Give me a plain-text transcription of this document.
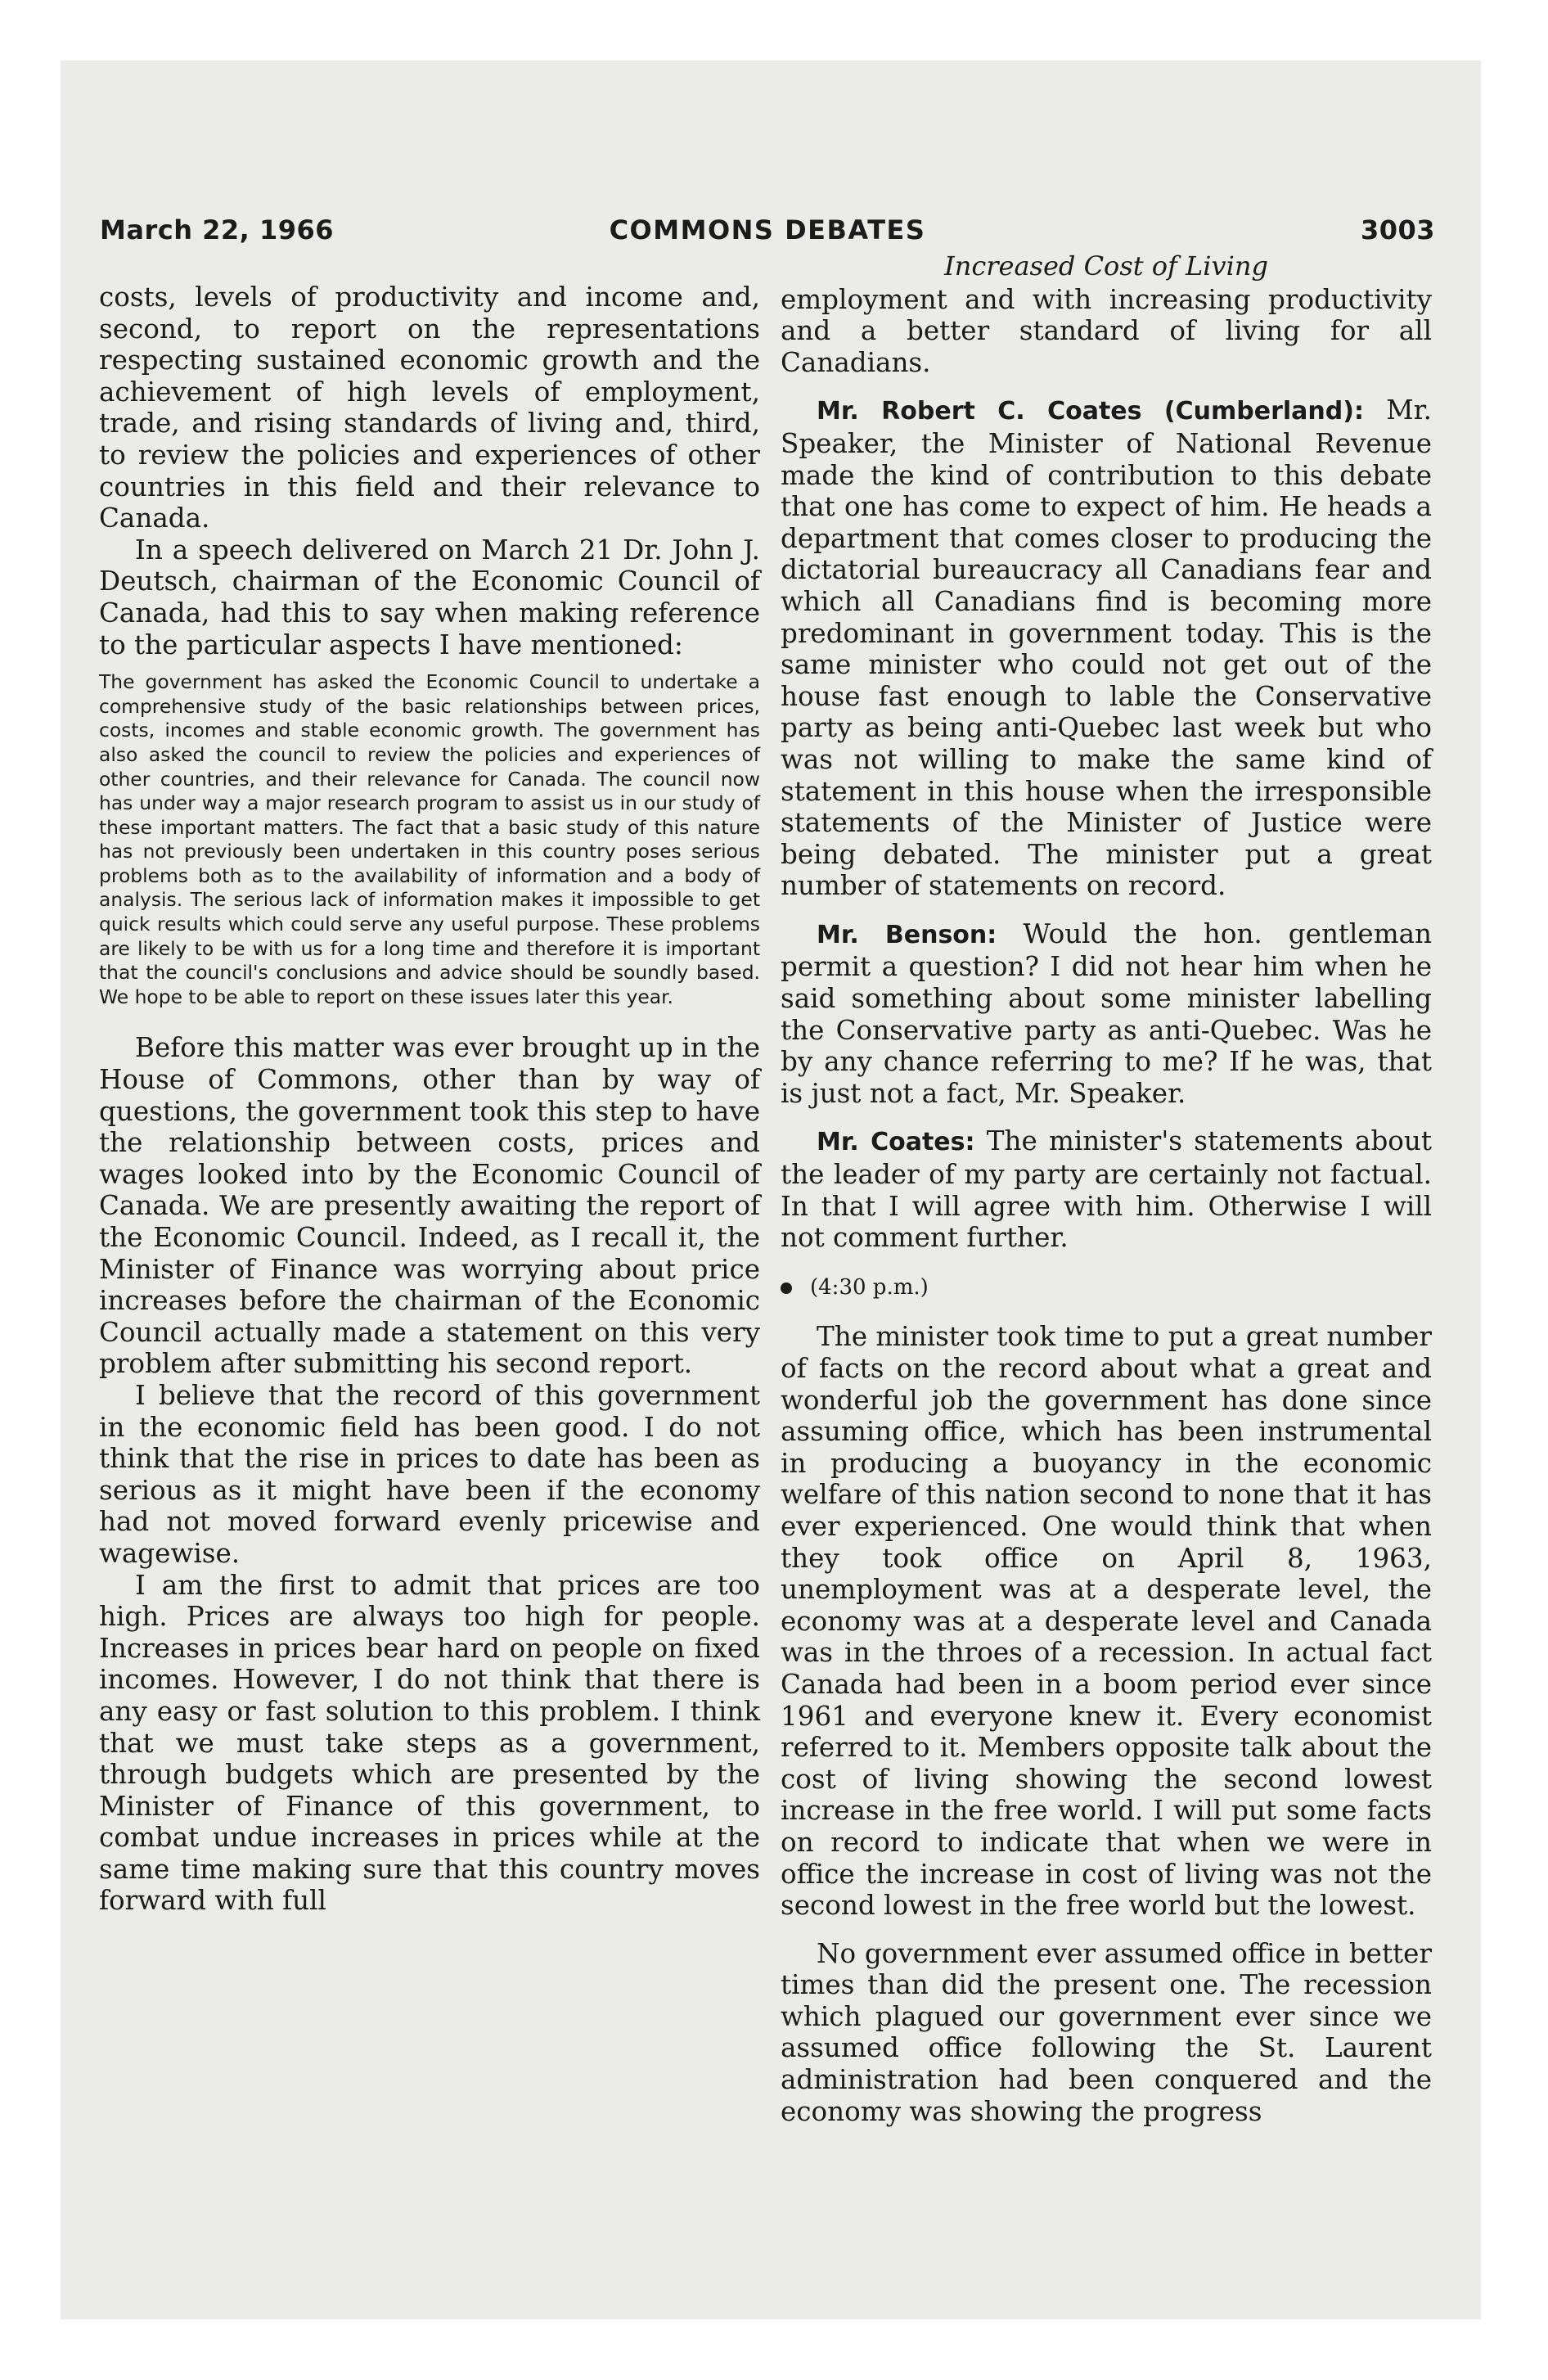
March 22, 1966	COMMONS DEBATES	3003

costs, levels of productivity and income and, second, to report on the representations respecting sustained economic growth and the achievement of high levels of employment, trade, and rising standards of living and, third, to review the policies and experiences of other countries in this field and their relevance to Canada.

In a speech delivered on March 21 Dr. John J. Deutsch, chairman of the Economic Council of Canada, had this to say when making reference to the particular aspects I have mentioned:

The government has asked the Economic Council to undertake a comprehensive study of the basic relationships between prices, costs, incomes and stable economic growth. The government has also asked the council to review the policies and experiences of other countries, and their relevance for Canada. The council now has under way a major research program to assist us in our study of these important matters. The fact that a basic study of this nature has not previously been undertaken in this country poses serious problems both as to the availability of information and a body of analysis. The serious lack of information makes it impossible to get quick results which could serve any useful purpose. These problems are likely to be with us for a long time and therefore it is important that the council's conclusions and advice should be soundly based. We hope to be able to report on these issues later this year.

Before this matter was ever brought up in the House of Commons, other than by way of questions, the government took this step to have the relationship between costs, prices and wages looked into by the Economic Council of Canada. We are presently awaiting the report of the Economic Council. Indeed, as I recall it, the Minister of Finance was worrying about price increases before the chairman of the Economic Council actually made a statement on this very problem after submitting his second report.

I believe that the record of this government in the economic field has been good. I do not think that the rise in prices to date has been as serious as it might have been if the economy had not moved forward evenly pricewise and wagewise.

I am the first to admit that prices are too high. Prices are always too high for people. Increases in prices bear hard on people on fixed incomes. However, I do not think that there is any easy or fast solution to this problem. I think that we must take steps as a government, through budgets which are presented by the Minister of Finance of this government, to combat undue increases in prices while at the same time making sure that this country moves forward with full

Increased Cost of Living

employment and with increasing productivity and a better standard of living for all Canadians.

Mr. Robert C. Coates (Cumberland): Mr. Speaker, the Minister of National Revenue made the kind of contribution to this debate that one has come to expect of him. He heads a department that comes closer to producing the dictatorial bureaucracy all Canadians fear and which all Canadians find is becoming more predominant in government today. This is the same minister who could not get out of the house fast enough to lable the Conservative party as being anti-Quebec last week but who was not willing to make the same kind of statement in this house when the irresponsible statements of the Minister of Justice were being debated. The minister put a great number of statements on record.

Mr. Benson: Would the hon. gentleman permit a question? I did not hear him when he said something about some minister labelling the Conservative party as anti-Quebec. Was he by any chance referring to me? If he was, that is just not a fact, Mr. Speaker.

Mr. Coates: The minister's statements about the leader of my party are certainly not factual. In that I will agree with him. Otherwise I will not comment further.

(4:30 p.m.)

The minister took time to put a great number of facts on the record about what a great and wonderful job the government has done since assuming office, which has been instrumental in producing a buoyancy in the economic welfare of this nation second to none that it has ever experienced. One would think that when they took office on April 8, 1963, unemployment was at a desperate level, the economy was at a desperate level and Canada was in the throes of a recession. In actual fact Canada had been in a boom period ever since 1961 and everyone knew it. Every economist referred to it. Members opposite talk about the cost of living showing the second lowest increase in the free world. I will put some facts on record to indicate that when we were in office the increase in cost of living was not the second lowest in the free world but the lowest.

No government ever assumed office in better times than did the present one. The recession which plagued our government ever since we assumed office following the St. Laurent administration had been conquered and the economy was showing the progress
